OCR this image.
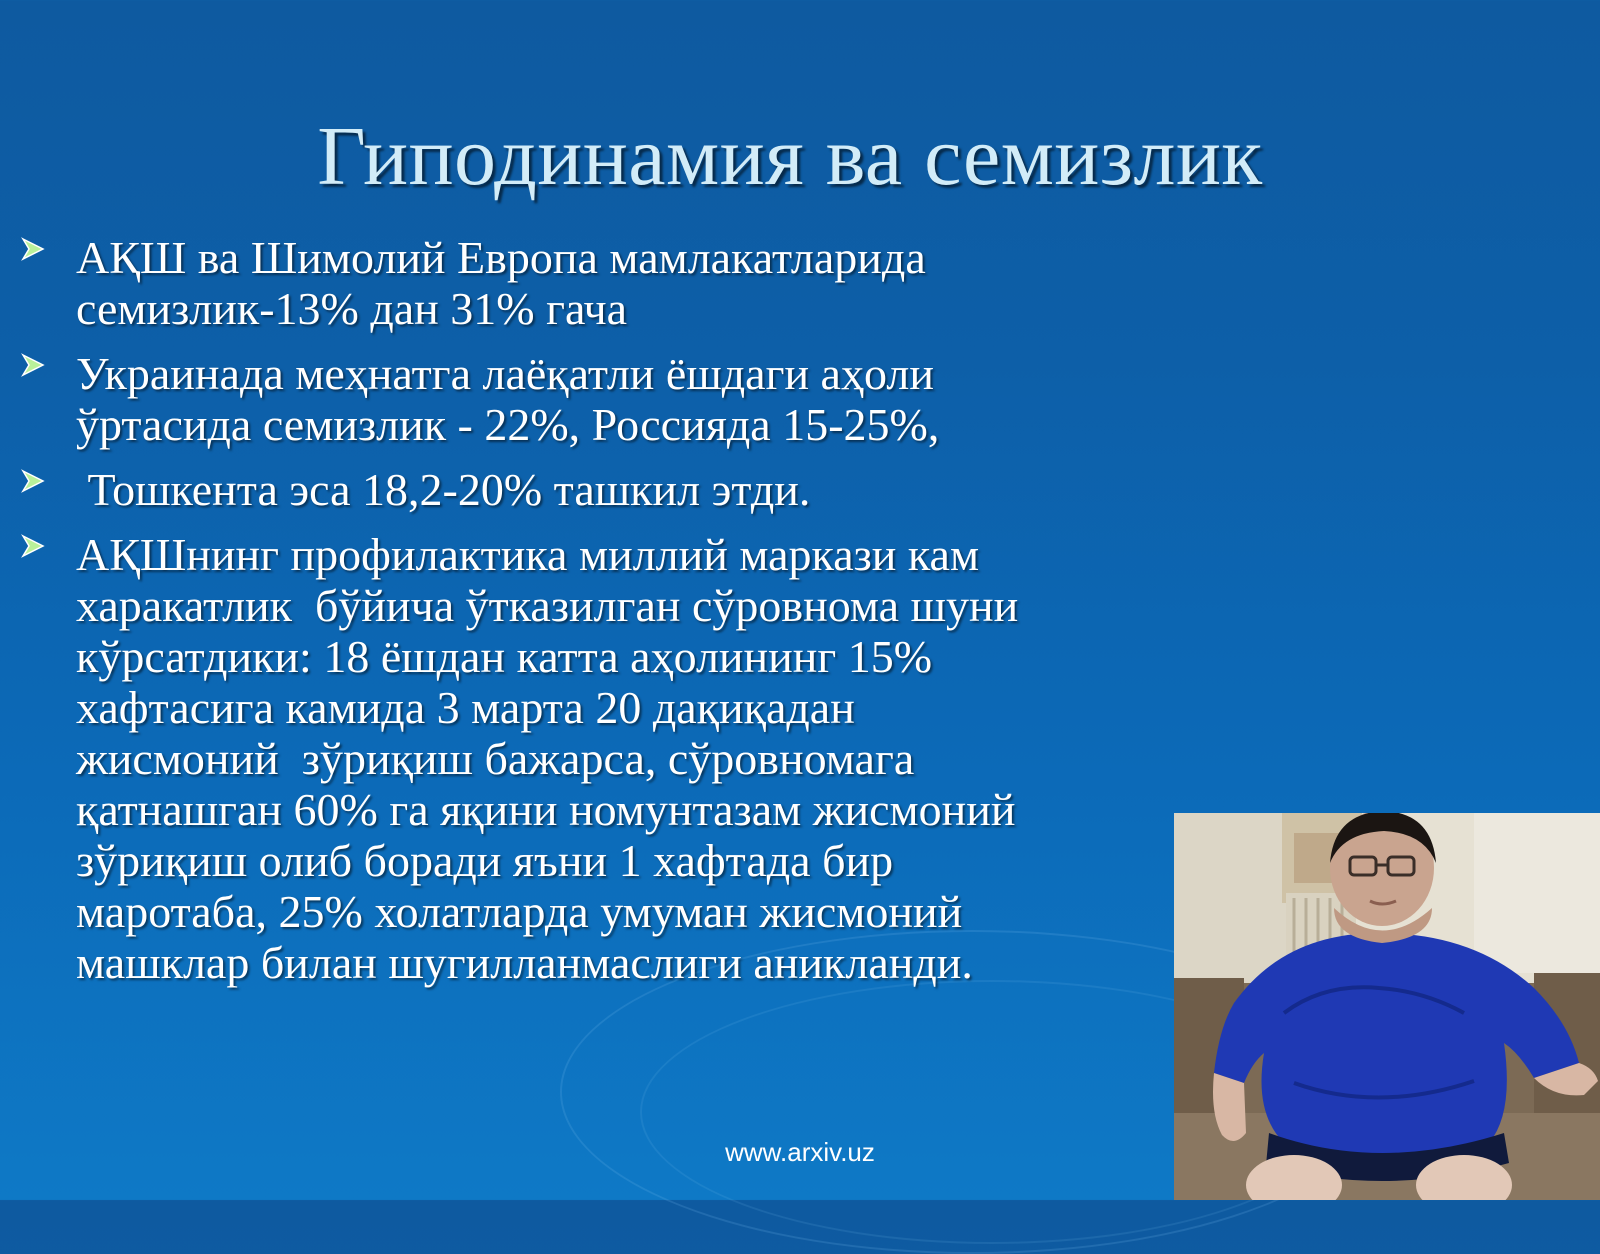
Гиподинамия ва семизлик
АҚШ ва Шимолий Европа мамлакатларида
семизлик-13% дан 31% гача
Украинада меҳнатга лаёқатли ёшдаги аҳоли
ўртасида семизлик - 22%, Россияда 15-25%,
Тошкента эса 18,2-20% ташкил этди.
АҚШнинг профилактика миллий маркази кам
харакатлик  бўйича ўтказилган сўровнома шуни
кўрсатдики: 18 ёшдан катта аҳолининг 15%
хафтасига камида 3 марта 20 дақиқадан
жисмоний  зўриқиш бажарса, сўровномага
қатнашган 60% га яқини номунтазам жисмоний
зўриқиш олиб боради яъни 1 хафтада бир
маротаба, 25% холатларда умуман жисмоний
машклар билан шугилланмаслиги аникланди.
www.arxiv.uz
